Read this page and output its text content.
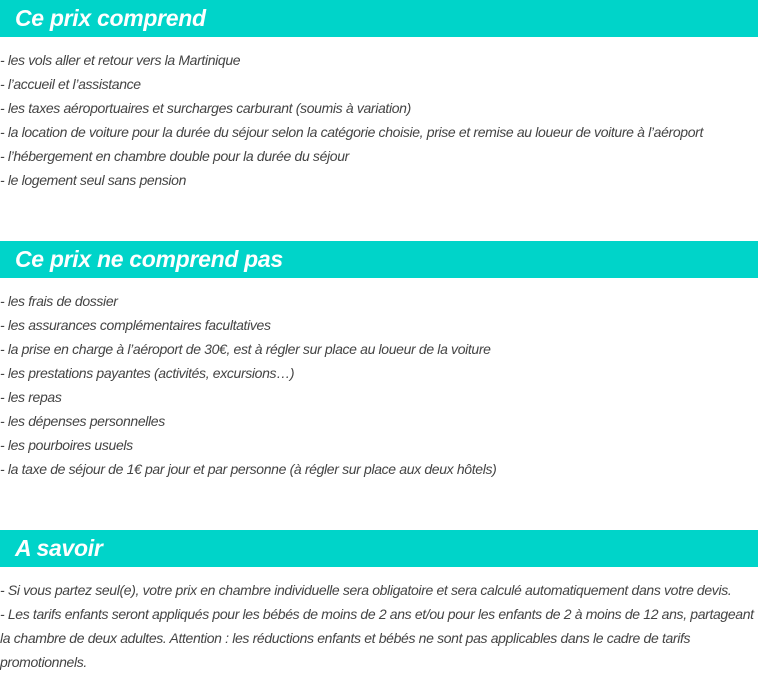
Ce prix comprend
- les vols aller et retour vers la Martinique
- l’accueil et l’assistance
- les taxes aéroportuaires et surcharges carburant (soumis à variation)
- la location de voiture pour la durée du séjour selon la catégorie choisie, prise et remise au loueur de voiture à l’aéroport
- l’hébergement en chambre double pour la durée du séjour
- le logement seul sans pension
Ce prix ne comprend pas
- les frais de dossier
- les assurances complémentaires facultatives
- la prise en charge à l’aéroport de 30€, est à régler sur place au loueur de la voiture
- les prestations payantes (activités, excursions…)
- les repas
- les dépenses personnelles
- les pourboires usuels
- la taxe de séjour de 1€ par jour et par personne (à régler sur place aux deux hôtels)
A savoir

- Si vous partez seul(e), votre prix en chambre individuelle sera obligatoire et sera calculé automatiquement dans votre devis.

- Les tarifs enfants seront appliqués pour les bébés de moins de 2 ans et/ou pour les enfants de 2 à moins de 12 ans, partageant la chambre de deux adultes. Attention : les réductions enfants et bébés ne sont pas applicables dans le cadre de tarifs promotionnels.
